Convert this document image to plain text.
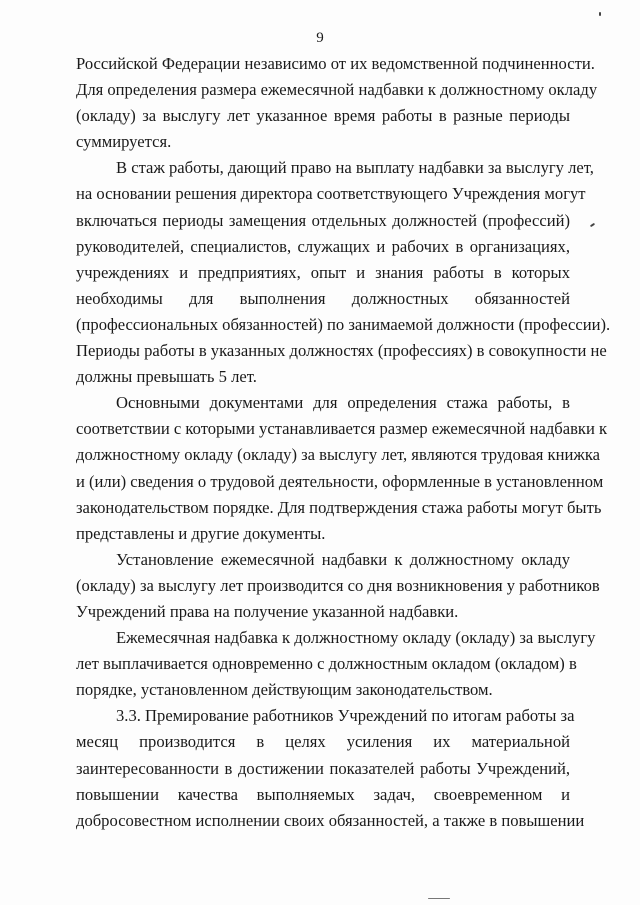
9
Российской Федерации независимо от их ведомственной подчиненности.
Для определения размера ежемесячной надбавки к должностному окладу
(окладу) за выслугу лет указанное время работы в разные периоды
суммируется.
В стаж работы, дающий право на выплату надбавки за выслугу лет,
на основании решения директора соответствующего Учреждения могут
включаться периоды замещения отдельных должностей (профессий)
руководителей, специалистов, служащих и рабочих в организациях,
учреждениях и предприятиях, опыт и знания работы в которых
необходимы для выполнения должностных обязанностей
(профессиональных обязанностей) по занимаемой должности (профессии).
Периоды работы в указанных должностях (профессиях) в совокупности не
должны превышать 5 лет.
Основными документами для определения стажа работы, в
соответствии с которыми устанавливается размер ежемесячной надбавки к
должностному окладу (окладу) за выслугу лет, являются трудовая книжка
и (или) сведения о трудовой деятельности, оформленные в установленном
законодательством порядке. Для подтверждения стажа работы могут быть
представлены и другие документы.
Установление ежемесячной надбавки к должностному окладу
(окладу) за выслугу лет производится со дня возникновения у работников
Учреждений права на получение указанной надбавки.
Ежемесячная надбавка к должностному окладу (окладу) за выслугу
лет выплачивается одновременно с должностным окладом (окладом) в
порядке, установленном действующим законодательством.
3.3. Премирование работников Учреждений по итогам работы за
месяц производится в целях усиления их материальной
заинтересованности в достижении показателей работы Учреждений,
повышении качества выполняемых задач, своевременном и
добросовестном исполнении своих обязанностей, а также в повышении
